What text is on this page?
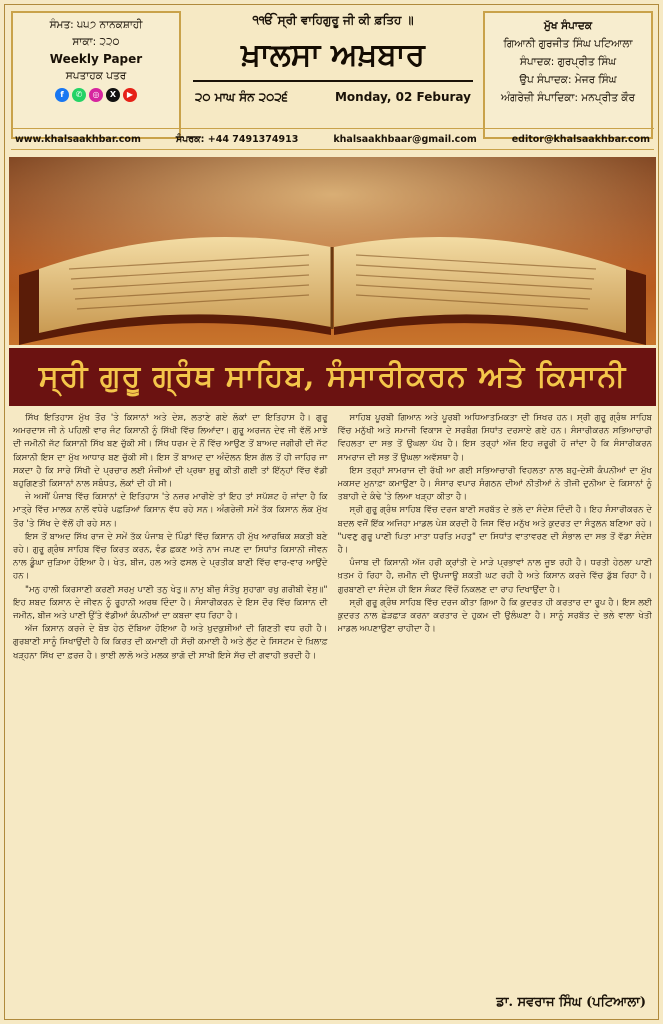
ਸੰਮਤ: ੫੫੭ ਨਾਨਕਸ਼ਾਹੀ
ਸਾਕਾ: ੨੨੦
Weekly Paper
ਸਪਤਾਹਕ ਪਤਰ
f	✆	◎	X	▶
੧ੴ ਸ੍ਰੀ ਵਾਹਿਗੁਰੂ ਜੀ ਕੀ ਫ਼ਤਿਹ ॥
ਖ਼ਾਲਸਾ ਅਖ਼ਬਾਰ
੨੦ ਮਾਘ ਸੰਨ ੨੦੨੬	Monday, 02 Feburay
ਮੁੱਖ ਸੰਪਾਦਕ
ਗਿਆਨੀ ਗੁਰਜੀਤ ਸਿੰਘ ਪਟਿਆਲਾ
ਸੰਪਾਦਕ: ਗੁਰਪ੍ਰੀਤ ਸਿੰਘ
ਉਪ ਸੰਪਾਦਕ: ਮੇਜਰ ਸਿੰਘ
ਅੰਗਰੇਜ਼ੀ ਸੰਪਾਦਿਕਾ: ਮਨਪ੍ਰੀਤ ਕੌਰ
www.khalsaakhbar.com	ਸੰਪਰਕ: +44 7491374913	khalsaakhbaar@gmail.com	editor@khalsaakhbar.com
ਸ੍ਰੀ ਗੁਰੂ ਗ੍ਰੰਥ ਸਾਹਿਬ, ਸੰਸਾਰੀਕਰਨ ਅਤੇ ਕਿਸਾਨੀ

ਸਿੱਖ ਇਤਿਹਾਸ ਮੁੱਖ ਤੌਰ 'ਤੇ ਕਿਸਾਨਾਂ ਅਤੇ ਦੇਸ਼, ਲਤਾਣੇ ਗਏ ਲੋਕਾਂ ਦਾ ਇਤਿਹਾਸ ਹੈ। ਗੁਰੂ ਅਮਰਦਾਸ ਜੀ ਨੇ ਪਹਿਲੀ ਵਾਰ ਜੰਟ ਕਿਸਾਨੀ ਨੂੰ ਸਿੱਖੀ ਵਿੱਚ ਲਿਆਂਦਾ। ਗੁਰੂ ਅਰਜਨ ਦੇਵ ਜੀ ਵੱਲੋਂ ਮਾਝੇ ਦੀ ਜਮੀਨੀ ਜੱਟ ਕਿਸਾਨੀ ਸਿੱਖ ਬਣ ਚੁੱਕੀ ਸੀ। ਸਿੱਖ ਧਰਮ ਦੇ ਨੌਂ ਵਿੱਚ ਆਉਣ ਤੋਂ ਬਾਅਦ ਜਗੀਰੀ ਦੀ ਜੱਟ ਕਿਸਾਨੀ ਇਸ ਦਾ ਮੁੱਖ ਆਧਾਰ ਬਣ ਚੁੱਕੀ ਸੀ। ਇਸ ਤੋਂ ਬਾਅਦ ਦਾ ਅੰਦੋਲਨ ਇਸ ਗੱਲ ਤੋਂ ਹੀ ਜਾਹਿਰ ਜਾ ਸਕਦਾ ਹੈ ਕਿ ਸਾਰੇ ਸਿੱਖੀ ਦੇ ਪ੍ਰਚਾਰ ਲਈ ਮੰਜੀਆਂ ਦੀ ਪ੍ਰਥਾ ਸ਼ੁਰੂ ਕੀਤੀ ਗਈ ਤਾਂ ਇੱਨ੍ਹਾਂ ਵਿੱਚ ਵੱਡੀ ਬਹੁਗਿਣਤੀ ਕਿਸਾਨਾਂ ਨਾਲ ਸਬੰਧਤ, ਲੋਕਾਂ ਦੀ ਹੀ ਸੀ।

ਜੇ ਅਸੀਂ ਪੰਜਾਬ ਵਿੱਚ ਕਿਸਾਨਾਂ ਦੇ ਇਤਿਹਾਸ 'ਤੇ ਨਜ਼ਰ ਮਾਰੀਏ ਤਾਂ ਇਹ ਤਾਂ ਸਪੱਸ਼ਟ ਹੋ ਜਾਂਦਾ ਹੈ ਕਿ ਮਾਤ੍ਰੇ ਵਿੱਚ ਮਾਲਕ ਨਾਲੋਂ ਵਧੇਰੇ ਪਛੜਿਆਂ ਕਿਸਾਨ ਵੱਧ ਰਹੇ ਸਨ। ਅੰਗਰੇਜ਼ੀ ਸਮੇਂ ਤੱਕ ਕਿਸਾਨ ਲੋਕ ਮੁੱਖ ਤੌਰ 'ਤੇ ਸਿੱਖ ਦੇ ਵੱਲੋਂ ਹੀ ਰਹੇ ਸਨ।

ਇਸ ਤੋਂ ਬਾਅਦ ਸਿੱਖ ਰਾਜ ਦੇ ਸਮੇਂ ਤੱਕ ਪੰਜਾਬ ਦੇ ਪਿੰਡਾਂ ਵਿੱਚ ਕਿਸਾਨ ਹੀ ਮੁੱਖ ਆਰਥਿਕ ਸ਼ਕਤੀ ਬਣੇ ਰਹੇ। ਗੁਰੂ ਗ੍ਰੰਥ ਸਾਹਿਬ ਵਿੱਚ ਕਿਰਤ ਕਰਨ, ਵੰਡ ਛਕਣ ਅਤੇ ਨਾਮ ਜਪਣ ਦਾ ਸਿਧਾਂਤ ਕਿਸਾਨੀ ਜੀਵਨ ਨਾਲ ਡੂੰਘਾ ਜੁੜਿਆ ਹੋਇਆ ਹੈ। ਖੇਤ, ਬੀਜ, ਹਲ ਅਤੇ ਫਸਲ ਦੇ ਪ੍ਰਤੀਕ ਬਾਣੀ ਵਿੱਚ ਵਾਰ-ਵਾਰ ਆਉਂਦੇ ਹਨ।

"ਮਨੁ ਹਾਲੀ ਕਿਰਸਾਣੀ ਕਰਣੀ ਸਰਮੁ ਪਾਣੀ ਤਨੁ ਖੇਤੁ॥ ਨਾਮੁ ਬੀਜੁ ਸੰਤੋਖੁ ਸੁਹਾਗਾ ਰਖੁ ਗਰੀਬੀ ਵੇਸੁ॥" ਇਹ ਸ਼ਬਦ ਕਿਸਾਨ ਦੇ ਜੀਵਨ ਨੂੰ ਰੂਹਾਨੀ ਅਰਥ ਦਿੰਦਾ ਹੈ। ਸੰਸਾਰੀਕਰਨ ਦੇ ਇਸ ਦੌਰ ਵਿੱਚ ਕਿਸਾਨ ਦੀ ਜਮੀਨ, ਬੀਜ ਅਤੇ ਪਾਣੀ ਉੱਤੇ ਵੱਡੀਆਂ ਕੰਪਨੀਆਂ ਦਾ ਕਬਜ਼ਾ ਵਧ ਰਿਹਾ ਹੈ।

ਅੱਜ ਕਿਸਾਨ ਕਰਜ਼ੇ ਦੇ ਬੋਝ ਹੇਠ ਦੱਬਿਆ ਹੋਇਆ ਹੈ ਅਤੇ ਖੁਦਕੁਸ਼ੀਆਂ ਦੀ ਗਿਣਤੀ ਵਧ ਰਹੀ ਹੈ। ਗੁਰਬਾਣੀ ਸਾਨੂੰ ਸਿਖਾਉਂਦੀ ਹੈ ਕਿ ਕਿਰਤ ਦੀ ਕਮਾਈ ਹੀ ਸੱਚੀ ਕਮਾਈ ਹੈ ਅਤੇ ਲੁੱਟ ਦੇ ਸਿਸਟਮ ਦੇ ਖ਼ਿਲਾਫ਼ ਖੜ੍ਹਨਾ ਸਿੱਖ ਦਾ ਫ਼ਰਜ਼ ਹੈ। ਭਾਈ ਲਾਲੋ ਅਤੇ ਮਲਕ ਭਾਗੋ ਦੀ ਸਾਖੀ ਇਸੇ ਸੱਚ ਦੀ ਗਵਾਹੀ ਭਰਦੀ ਹੈ।

ਸਾਹਿਬ ਪੂਰਬੀ ਗਿਆਨ ਅਤੇ ਪੂਰਬੀ ਅਧਿਆਤਮਿਕਤਾ ਦੀ ਸਿਖਰ ਹਨ। ਸ੍ਰੀ ਗੁਰੂ ਗ੍ਰੰਥ ਸਾਹਿਬ ਵਿੱਚ ਮਨੁੱਖੀ ਅਤੇ ਸਮਾਜੀ ਵਿਕਾਸ ਦੇ ਸਰਬੰਗ ਸਿਧਾਂਤ ਦਰਸਾਏ ਗਏ ਹਨ। ਸੰਸਾਰੀਕਰਨ ਸਭਿਆਚਾਰੀ ਵਿਹਲਤਾ ਦਾ ਸਭ ਤੋਂ ਉਘਲਾ ਪੱਖ ਹੈ। ਇਸ ਤਰ੍ਹਾਂ ਅੱਜ ਇਹ ਜ਼ਰੂਰੀ ਹੋ ਜਾਂਦਾ ਹੈ ਕਿ ਸੰਸਾਰੀਕਰਨ ਸਾਮਰਾਜ ਦੀ ਸਭ ਤੋਂ ਉਘਲਾ ਅਵੱਸਥਾ ਹੈ।

ਇਸ ਤਰ੍ਹਾਂ ਸਾਮਰਾਜ ਦੀ ਰੱਖੀ ਆ ਗਈ ਸਭਿਆਚਾਰੀ ਵਿਹਲਤਾ ਨਾਲ ਬਹੁ-ਦੇਸ਼ੀ ਕੰਪਨੀਆਂ ਦਾ ਮੁੱਖ ਮਕਸਦ ਮੁਨਾਫ਼ਾ ਕਮਾਉਣਾ ਹੈ। ਸੰਸਾਰ ਵਪਾਰ ਸੰਗਠਨ ਦੀਆਂ ਨੀਤੀਆਂ ਨੇ ਤੀਜੀ ਦੁਨੀਆ ਦੇ ਕਿਸਾਨਾਂ ਨੂੰ ਤਬਾਹੀ ਦੇ ਕੰਢੇ 'ਤੇ ਲਿਆ ਖੜ੍ਹਾ ਕੀਤਾ ਹੈ।

ਸ੍ਰੀ ਗੁਰੂ ਗ੍ਰੰਥ ਸਾਹਿਬ ਵਿੱਚ ਦਰਜ ਬਾਣੀ ਸਰਬੱਤ ਦੇ ਭਲੇ ਦਾ ਸੰਦੇਸ਼ ਦਿੰਦੀ ਹੈ। ਇਹ ਸੰਸਾਰੀਕਰਨ ਦੇ ਬਦਲ ਵਜੋਂ ਇੱਕ ਅਜਿਹਾ ਮਾਡਲ ਪੇਸ਼ ਕਰਦੀ ਹੈ ਜਿਸ ਵਿੱਚ ਮਨੁੱਖ ਅਤੇ ਕੁਦਰਤ ਦਾ ਸੰਤੁਲਨ ਬਣਿਆ ਰਹੇ। "ਪਵਣੁ ਗੁਰੂ ਪਾਣੀ ਪਿਤਾ ਮਾਤਾ ਧਰਤਿ ਮਹਤੁ" ਦਾ ਸਿਧਾਂਤ ਵਾਤਾਵਰਣ ਦੀ ਸੰਭਾਲ ਦਾ ਸਭ ਤੋਂ ਵੱਡਾ ਸੰਦੇਸ਼ ਹੈ।

ਪੰਜਾਬ ਦੀ ਕਿਸਾਨੀ ਅੱਜ ਹਰੀ ਕ੍ਰਾਂਤੀ ਦੇ ਮਾੜੇ ਪ੍ਰਭਾਵਾਂ ਨਾਲ ਜੂਝ ਰਹੀ ਹੈ। ਧਰਤੀ ਹੇਠਲਾ ਪਾਣੀ ਖ਼ਤਮ ਹੋ ਰਿਹਾ ਹੈ, ਜ਼ਮੀਨ ਦੀ ਉਪਜਾਊ ਸ਼ਕਤੀ ਘਟ ਰਹੀ ਹੈ ਅਤੇ ਕਿਸਾਨ ਕਰਜ਼ੇ ਵਿੱਚ ਡੁੱਬ ਰਿਹਾ ਹੈ। ਗੁਰਬਾਣੀ ਦਾ ਸੰਦੇਸ਼ ਹੀ ਇਸ ਸੰਕਟ ਵਿੱਚੋਂ ਨਿਕਲਣ ਦਾ ਰਾਹ ਦਿਖਾਉਂਦਾ ਹੈ।

ਸ੍ਰੀ ਗੁਰੂ ਗ੍ਰੰਥ ਸਾਹਿਬ ਵਿੱਚ ਦਰਜ ਕੀਤਾ ਗਿਆ ਹੈ ਕਿ ਕੁਦਰਤ ਹੀ ਕਰਤਾਰ ਦਾ ਰੂਪ ਹੈ। ਇਸ ਲਈ ਕੁਦਰਤ ਨਾਲ ਛੇੜਛਾੜ ਕਰਨਾ ਕਰਤਾਰ ਦੇ ਹੁਕਮ ਦੀ ਉਲੰਘਣਾ ਹੈ। ਸਾਨੂੰ ਸਰਬੱਤ ਦੇ ਭਲੇ ਵਾਲਾ ਖੇਤੀ ਮਾਡਲ ਅਪਣਾਉਣਾ ਚਾਹੀਦਾ ਹੈ।

ਡਾ. ਸਵਰਾਜ ਸਿੰਘ (ਪਟਿਆਲਾ)
